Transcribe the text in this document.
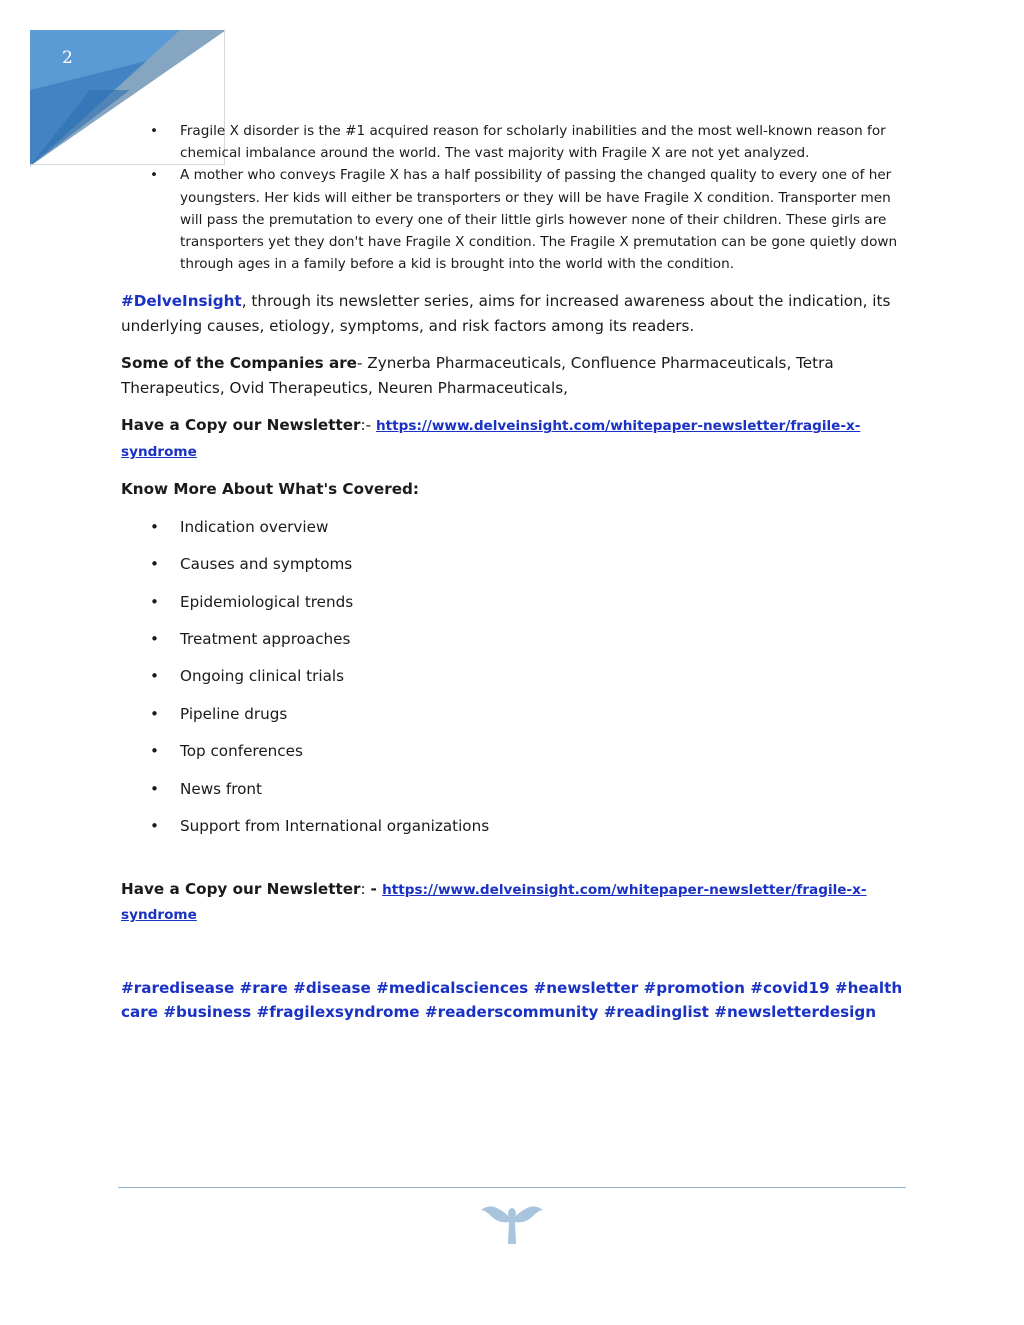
2
• Fragile X disorder is the #1 acquired reason for scholarly inabilities and the most well-known reason for chemical imbalance around the world. The vast majority with Fragile X are not yet analyzed.
• A mother who conveys Fragile X has a half possibility of passing the changed quality to every one of her youngsters. Her kids will either be transporters or they will be have Fragile X condition. Transporter men will pass the premutation to every one of their little girls however none of their children. These girls are transporters yet they don't have Fragile X condition. The Fragile X premutation can be gone quietly down through ages in a family before a kid is brought into the world with the condition.

#DelveInsight, through its newsletter series, aims for increased awareness about the indication, its underlying causes, etiology, symptoms, and risk factors among its readers.

Some of the Companies are- Zynerba Pharmaceuticals, Confluence Pharmaceuticals, Tetra Therapeutics, Ovid Therapeutics, Neuren Pharmaceuticals,

Have a Copy our Newsletter:- https://www.delveinsight.com/whitepaper-newsletter/fragile-x-syndrome

Know More About What's Covered:

• Indication overview
• Causes and symptoms
• Epidemiological trends
• Treatment approaches
• Ongoing clinical trials
• Pipeline drugs
• Top conferences
• News front
• Support from International organizations

Have a Copy our Newsletter: - https://www.delveinsight.com/whitepaper-newsletter/fragile-x-syndrome

#raredisease #rare #disease #medicalsciences #newsletter #promotion #covid19 #healthcare #business #fragilexsyndrome #readerscommunity #readinglist #newsletterdesign
